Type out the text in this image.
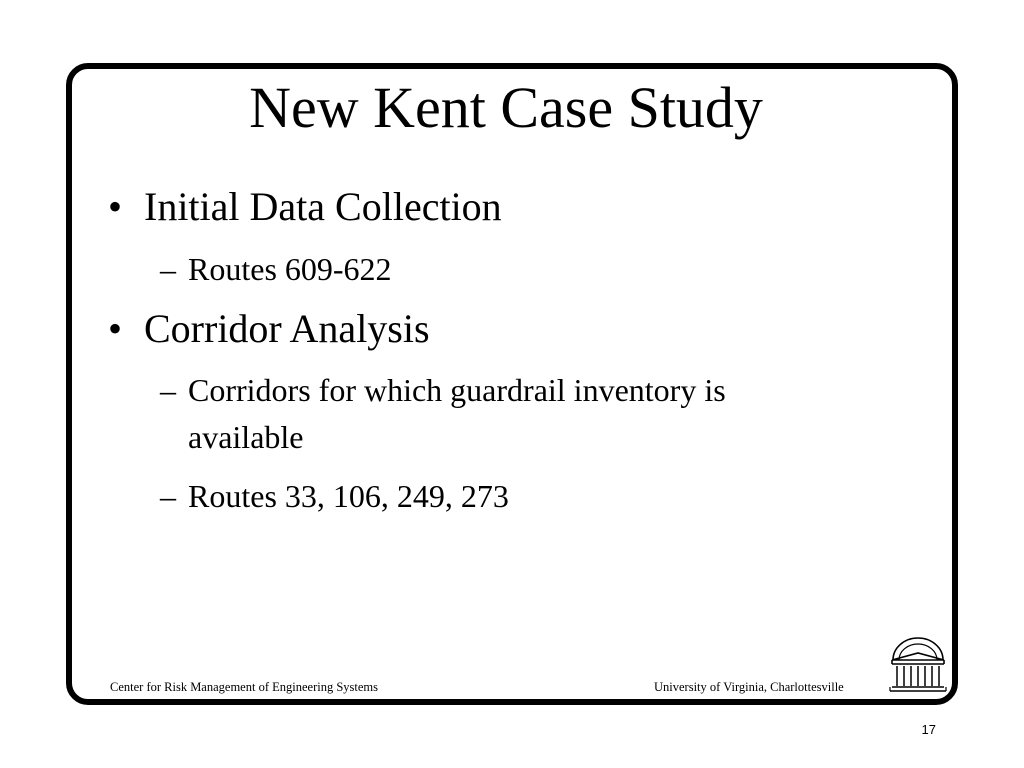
New Kent Case Study
• Initial Data Collection
– Routes 609-622
• Corridor Analysis
– Corridors for which guardrail inventory is
available
– Routes 33, 106, 249, 273
Center for Risk Management of Engineering Systems	University of Virginia, Charlottesville
17
